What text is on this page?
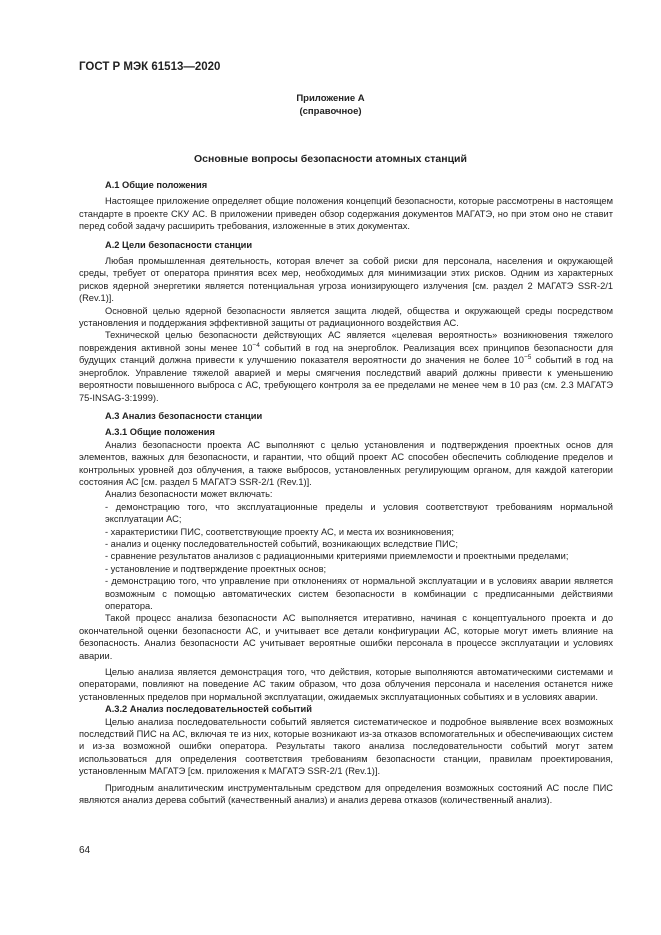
ГОСТ Р МЭК 61513—2020
Приложение А
(справочное)
Основные вопросы безопасности атомных станций

А.1 Общие положения

Настоящее приложение определяет общие положения концепций безопасности, которые рассмотрены в настоящем стандарте в проекте СКУ АС. В приложении приведен обзор содержания документов МАГАТЭ, но при этом оно не ставит перед собой задачу расширить требования, изложенные в этих документах.

А.2 Цели безопасности станции

Любая промышленная деятельность, которая влечет за собой риски для персонала, населения и окружающей среды, требует от оператора принятия всех мер, необходимых для минимизации этих рисков. Одним из характерных рисков ядерной энергетики является потенциальная угроза ионизирующего излучения [см. раздел 2 МАГАТЭ SSR-2/1 (Rev.1)].

Основной целью ядерной безопасности является защита людей, общества и окружающей среды посредством установления и поддержания эффективной защиты от радиационного воздействия АС.

Технической целью безопасности действующих АС является «целевая вероятность» возникновения тяжелого повреждения активной зоны менее $10^{-4}$ событий в год на энергоблок. Реализация всех принципов безопасности для будущих станций должна привести к улучшению показателя вероятности до значения не более $10^{-5}$ событий в год на энергоблок. Управление тяжелой аварией и меры смягчения последствий аварий должны привести к уменьшению вероятности повышенного выброса с АС, требующего контроля за ее пределами не менее чем в 10 раз (см. 2.3 МАГАТЭ 75-INSAG-3:1999).

А.3 Анализ безопасности станции

А.3.1 Общие положения

Анализ безопасности проекта АС выполняют с целью установления и подтверждения проектных основ для элементов, важных для безопасности, и гарантии, что общий проект АС способен обеспечить соблюдение пределов и контрольных уровней доз облучения, а также выбросов, установленных регулирующим органом, для каждой категории состояния АС [см. раздел 5 МАГАТЭ SSR-2/1 (Rev.1)].

Анализ безопасности может включать:

- демонстрацию того, что эксплуатационные пределы и условия соответствуют требованиям нормальной эксплуатации АС;

- характеристики ПИС, соответствующие проекту АС, и места их возникновения;

- анализ и оценку последовательностей событий, возникающих вследствие ПИС;

- сравнение результатов анализов с радиационными критериями приемлемости и проектными пределами;

- установление и подтверждение проектных основ;

- демонстрацию того, что управление при отклонениях от нормальной эксплуатации и в условиях аварии является возможным с помощью автоматических систем безопасности в комбинации с предписанными действиями оператора.

Такой процесс анализа безопасности АС выполняется итеративно, начиная с концептуального проекта и до окончательной оценки безопасности АС, и учитывает все детали конфигурации АС, которые могут иметь влияние на безопасность. Анализ безопасности АС учитывает вероятные ошибки персонала в процессе эксплуатации и условиях аварии.

Целью анализа является демонстрация того, что действия, которые выполняются автоматическими системами и операторами, повлияют на поведение АС таким образом, что доза облучения персонала и населения останется ниже установленных пределов при нормальной эксплуатации, ожидаемых эксплуатационных событиях и в условиях аварии.

А.3.2 Анализ последовательностей событий

Целью анализа последовательности событий является систематическое и подробное выявление всех возможных последствий ПИС на АС, включая те из них, которые возникают из-за отказов вспомогательных и обеспечивающих систем и из-за возможной ошибки оператора. Результаты такого анализа последовательности событий могут затем использоваться для определения соответствия требованиям безопасности станции, правилам проектирования, установленным МАГАТЭ [см. приложения к МАГАТЭ SSR-2/1 (Rev.1)].

Пригодным аналитическим инструментальным средством для определения возможных состояний АС после ПИС являются анализ дерева событий (качественный анализ) и анализ дерева отказов (количественный анализ).

64
